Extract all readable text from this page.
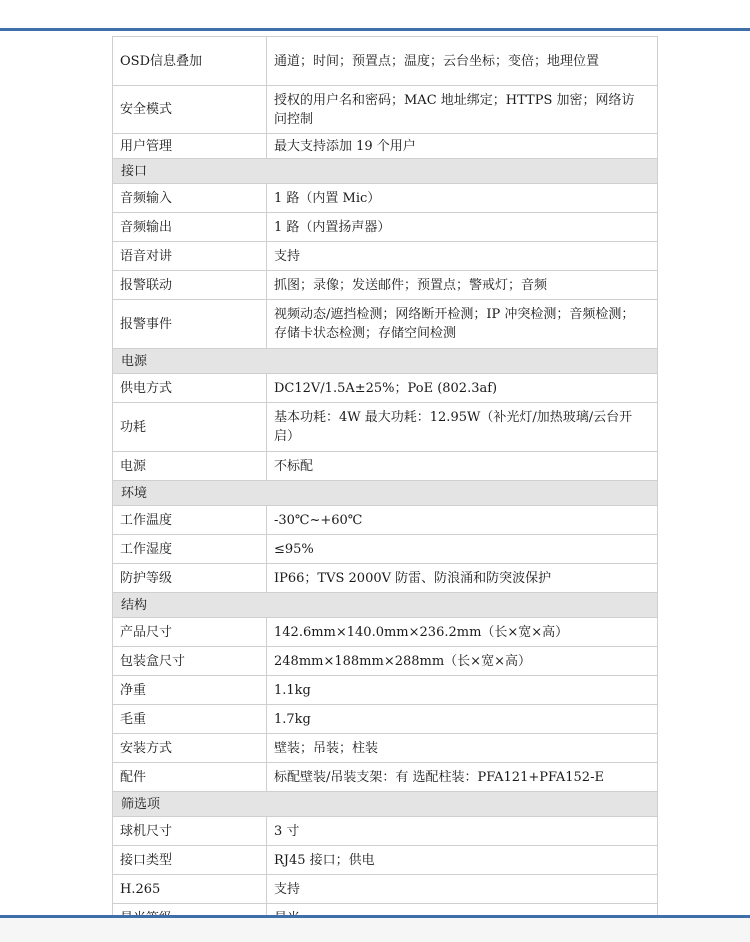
OSD信息叠加	通道；时间；预置点；温度；云台坐标；变倍；地理位置
安全模式	授权的用户名和密码；MAC 地址绑定；HTTPS 加密；网络访问控制
用户管理	最大支持添加 19 个用户
接口	
音频输入	1 路（内置 Mic）
音频输出	1 路（内置扬声器）
语音对讲	支持
报警联动	抓图；录像；发送邮件；预置点；警戒灯；音频
报警事件	视频动态/遮挡检测；网络断开检测；IP 冲突检测；音频检测；存储卡状态检测；存储空间检测
电源	
供电方式	DC12V/1.5A±25%；PoE (802.3af)
功耗	基本功耗：4W 最大功耗：12.95W（补光灯/加热玻璃/云台开启）
电源	不标配
环境	
工作温度	-30℃~+60℃
工作湿度	≤95%
防护等级	IP66；TVS 2000V 防雷、防浪涌和防突波保护
结构	
产品尺寸	142.6mm×140.0mm×236.2mm（长×宽×高）
包装盒尺寸	248mm×188mm×288mm（长×宽×高）
净重	1.1kg
毛重	1.7kg
安装方式	壁装；吊装；柱装
配件	标配壁装/吊装支架：有 选配柱装：PFA121+PFA152-E
筛选项	
球机尺寸	3 寸
接口类型	RJ45 接口；供电
H.265	支持
